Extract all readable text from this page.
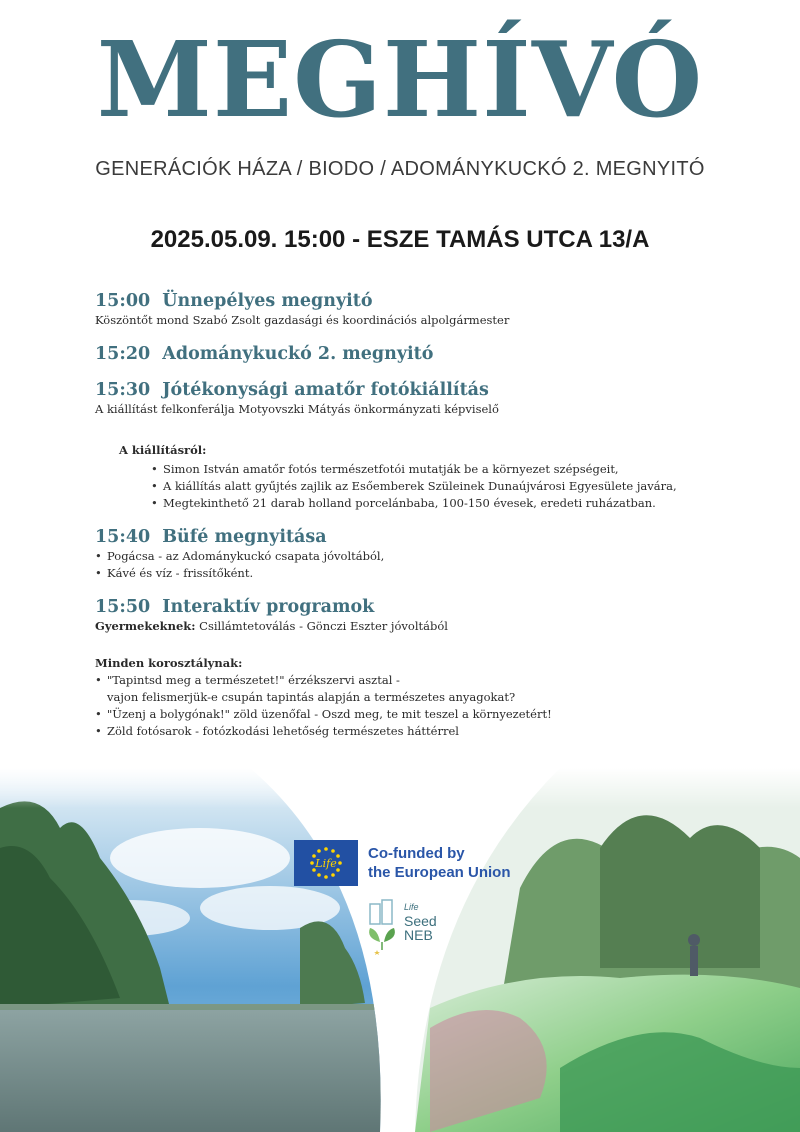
MEGHÍVÓ
GENERÁCIÓK HÁZA / BIODO / ADOMÁNYKUCKÓ 2. MEGNYITÓ
2025.05.09. 15:00 - ESZE TAMÁS UTCA 13/A
15:00 Ünnepélyes megnyitó
Köszöntőt mond Szabó Zsolt gazdasági és koordinációs alpolgármester
15:20 Adománykuckó 2. megnyitó
15:30 Jótékonysági amatőr fotókiállítás
A kiállítást felkonferálja Motyovszki Mátyás önkormányzati képviselő
A kiállításról:
• Simon István amatőr fotós természetfotói mutatják be a környezet szépségeit,
• A kiállítás alatt gyűjtés zajlik az Esőemberek Szüleinek Dunaújvárosi Egyesülete javára,
• Megtekinthető 21 darab holland porcelánbaba, 100-150 évesek, eredeti ruházatban.
15:40 Büfé megnyitása
• Pogácsa - az Adománykuckó csapata jóvoltából,
• Kávé és víz - frissítőként.
15:50 Interaktív programok
Gyermekeknek: Csillámtetoválás - Gönczi Eszter jóvoltából
Minden korosztálynak:
• "Tapintsd meg a természetet!" érzékszervi asztal -
vajon felismerjük-e csupán tapintás alapján a természetes anyagokat?
• "Üzenj a bolygónak!" zöld üzenőfal - Oszd meg, te mit teszel a környezetért!
• Zöld fotósarok - fotózkodási lehetőség természetes háttérrel
Life
Co-funded by
the European Union
Life
Seed
NEB
